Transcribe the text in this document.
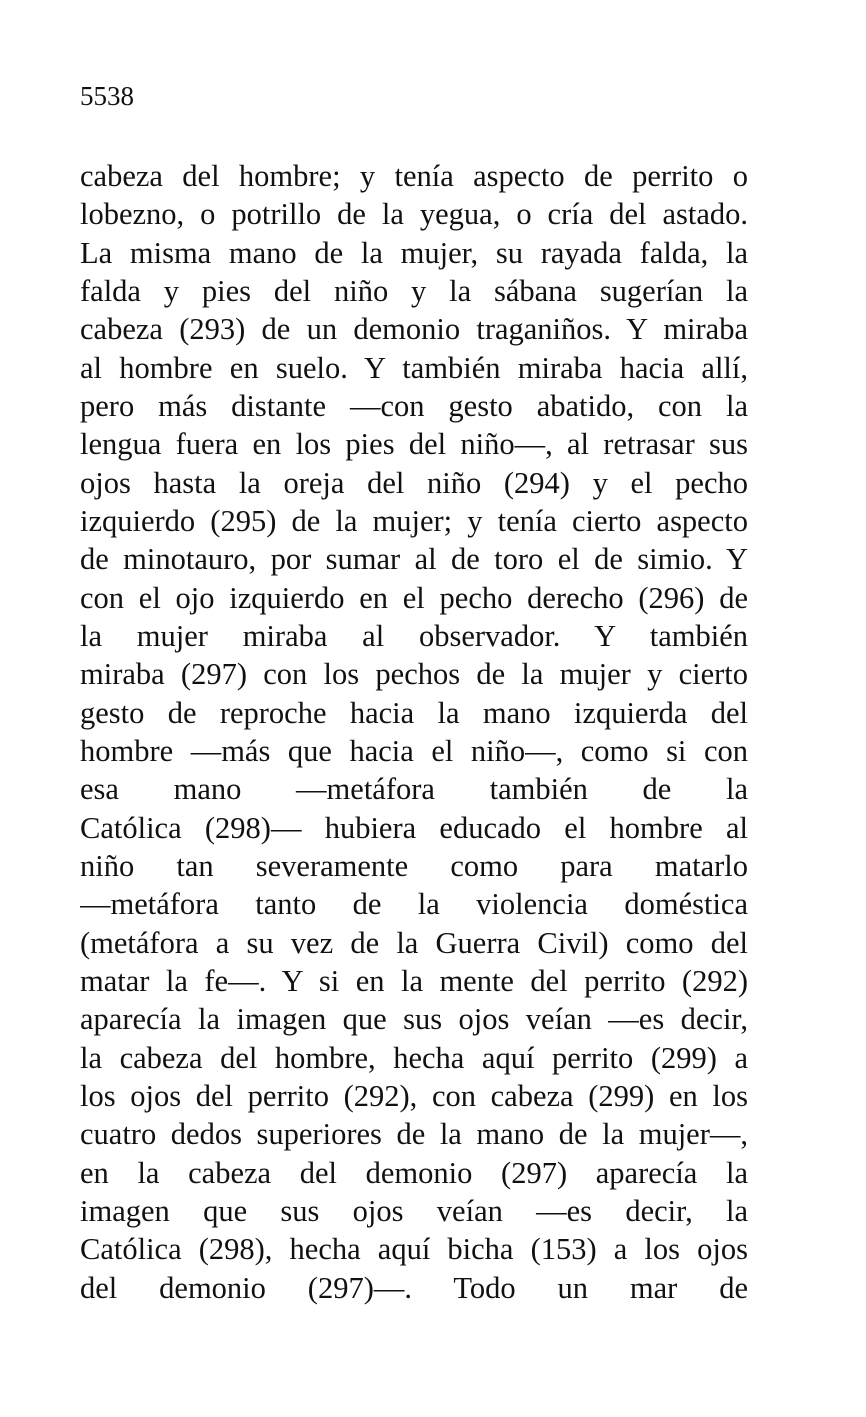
5538
cabeza del hombre; y tenía aspecto de perrito o
lobezno, o potrillo de la yegua, o cría del astado.
La misma mano de la mujer, su rayada falda, la
falda y pies del niño y la sábana sugerían la
cabeza (293) de un demonio traganiños. Y miraba
al hombre en suelo. Y también miraba hacia allí,
pero más distante —con gesto abatido, con la
lengua fuera en los pies del niño—, al retrasar sus
ojos hasta la oreja del niño (294) y el pecho
izquierdo (295) de la mujer; y tenía cierto aspecto
de minotauro, por sumar al de toro el de simio. Y
con el ojo izquierdo en el pecho derecho (296) de
la mujer miraba al observador. Y también
miraba (297) con los pechos de la mujer y cierto
gesto de reproche hacia la mano izquierda del
hombre —más que hacia el niño—, como si con
esa mano —metáfora también de la
Católica (298)— hubiera educado el hombre al
niño tan severamente como para matarlo
—metáfora tanto de la violencia doméstica
(metáfora a su vez de la Guerra Civil) como del
matar la fe—. Y si en la mente del perrito (292)
aparecía la imagen que sus ojos veían —es decir,
la cabeza del hombre, hecha aquí perrito (299) a
los ojos del perrito (292), con cabeza (299) en los
cuatro dedos superiores de la mano de la mujer—,
en la cabeza del demonio (297) aparecía la
imagen que sus ojos veían —es decir, la
Católica (298), hecha aquí bicha (153) a los ojos
del demonio (297)—. Todo un mar de
